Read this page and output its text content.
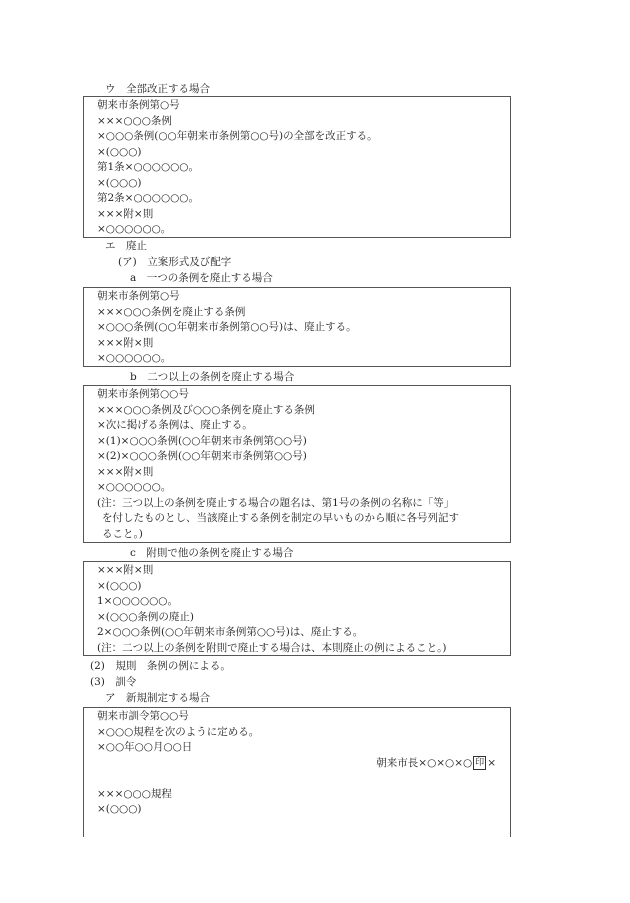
ウ　全部改正する場合
朝来市条例第○号
×××○○○条例
×○○○条例(○○年朝来市条例第○○号)の全部を改正する。
×(○○○)
第1条×○○○○○○。
×(○○○)
第2条×○○○○○○。
×××附×則
×○○○○○○。
エ　廃止
(ア)　立案形式及び配字
a　一つの条例を廃止する場合
朝来市条例第○号
×××○○○条例を廃止する条例
×○○○条例(○○年朝来市条例第○○号)は、廃止する。
×××附×則
×○○○○○○。
b　二つ以上の条例を廃止する場合
朝来市条例第○○号
×××○○○条例及び○○○条例を廃止する条例
×次に掲げる条例は、廃止する。
×(1)×○○○条例(○○年朝来市条例第○○号)
×(2)×○○○条例(○○年朝来市条例第○○号)
×××附×則
×○○○○○○。
(注：三つ以上の条例を廃止する場合の題名は、第1号の条例の名称に「等」
を付したものとし、当該廃止する条例を制定の早いものから順に各号列記す
ること。)
c　附則で他の条例を廃止する場合
×××附×則
×(○○○)
1×○○○○○○。
×(○○○条例の廃止)
2×○○○条例(○○年朝来市条例第○○号)は、廃止する。
(注：二つ以上の条例を附則で廃止する場合は、本則廃止の例によること。)
(2)　規則　条例の例による。
(3)　訓令
ア　新規制定する場合
朝来市訓令第○○号
×○○○規程を次のように定める。
×○○年○○月○○日
朝来市長×○×○×○ 印 ×
×××○○○規程
×(○○○)
